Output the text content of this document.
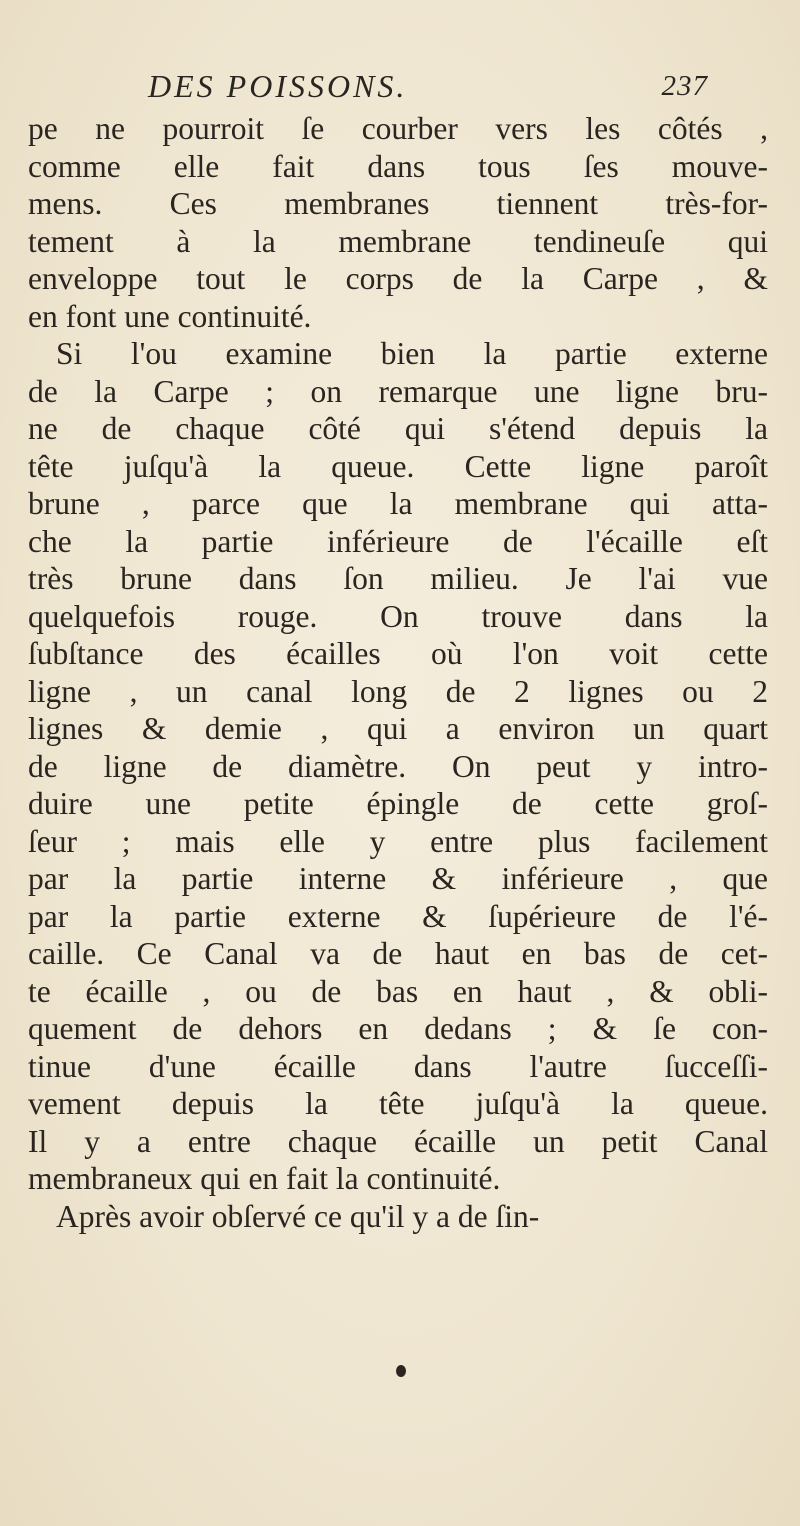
DES POISSONS.	237
pe ne pourroit ſe courber vers les côtés ,
comme elle fait dans tous ſes mouve-
mens. Ces membranes tiennent très-for-
tement à la membrane tendineuſe qui
enveloppe tout le corps de la Carpe , &
en font une continuité.
Si l'ou examine bien la partie externe
de la Carpe ; on remarque une ligne bru-
ne de chaque côté qui s'étend depuis la
tête juſqu'à la queue. Cette ligne paroît
brune , parce que la membrane qui atta-
che la partie inférieure de l'écaille eſt
très brune dans ſon milieu. Je l'ai vue
quelquefois rouge. On trouve dans la
ſubſtance des écailles où l'on voit cette
ligne , un canal long de 2 lignes ou 2
lignes & demie , qui a environ un quart
de ligne de diamètre. On peut y intro-
duire une petite épingle de cette groſ-
ſeur ; mais elle y entre plus facilement
par la partie interne & inférieure , que
par la partie externe & ſupérieure de l'é-
caille. Ce Canal va de haut en bas de cet-
te écaille , ou de bas en haut , & obli-
quement de dehors en dedans ; & ſe con-
tinue d'une écaille dans l'autre ſucceſſi-
vement depuis la tête juſqu'à la queue.
Il y a entre chaque écaille un petit Canal
membraneux qui en fait la continuité.
Après avoir obſervé ce qu'il y a de ſin-
